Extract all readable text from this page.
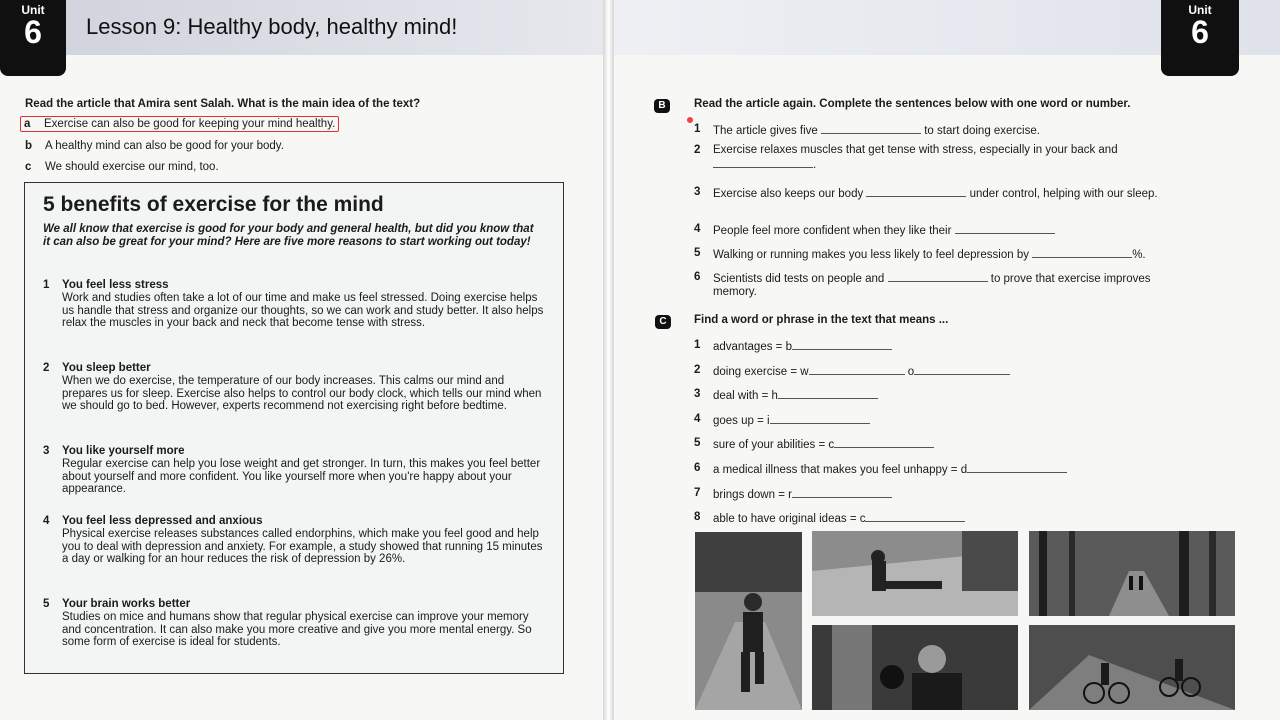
Unit
6	Lesson 9: Healthy body, healthy mind!
Read the article that Amira sent Salah. What is the main idea of the text?
a Exercise can also be good for keeping your mind healthy.
b A healthy mind can also be good for your body.
c We should exercise our mind, too.
5 benefits of exercise for the mind
We all know that exercise is good for your body and general health, but did you know that it can also be great for your mind? Here are five more reasons to start working out today!
1 You feel less stress
Work and studies often take a lot of our time and make us feel stressed. Doing exercise helps us handle that stress and organize our thoughts, so we can work and study better. It also helps relax the muscles in your back and neck that become tense with stress.
2 You sleep better
When we do exercise, the temperature of our body increases. This calms our mind and prepares us for sleep. Exercise also helps to control our body clock, which tells our mind when we should go to bed. However, experts recommend not exercising right before bedtime.
3 You like yourself more
Regular exercise can help you lose weight and get stronger. In turn, this makes you feel better about yourself and more confident. You like yourself more when you're happy about your appearance.
4 You feel less depressed and anxious
Physical exercise releases substances called endorphins, which make you feel good and help you to deal with depression and anxiety. For example, a study showed that running 15 minutes a day or walking for an hour reduces the risk of depression by 26%.
5 Your brain works better
Studies on mice and humans show that regular physical exercise can improve your memory and concentration. It can also make you more creative and give you more mental energy. So some form of exercise is ideal for students.
Unit
6
B	Read the article again. Complete the sentences below with one word or number.
1 The article gives five	to start doing exercise.
2 Exercise relaxes muscles that get tense with stress, especially in your back and
.
3 Exercise also keeps our body	under control, helping with our sleep.
4 People feel more confident when they like their
5 Walking or running makes you less likely to feel depression by	%.
6 Scientists did tests on people and	to prove that exercise improves memory.
C	Find a word or phrase in the text that means ...
1 advantages = b
2 doing exercise = w	o
3 deal with = h
4 goes up = i
5 sure of your abilities = c
6 a medical illness that makes you feel unhappy = d
7 brings down = r
8 able to have original ideas = c
